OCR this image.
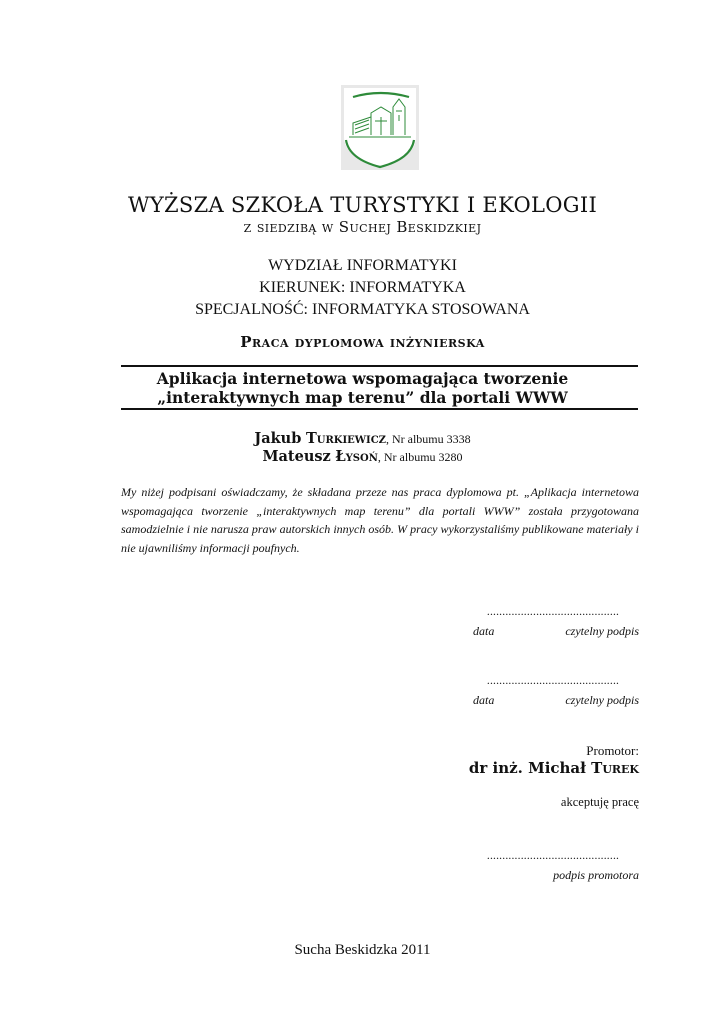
WYŻSZA SZKOŁA TURYSTYKI I EKOLOGII
z siedzibą w Suchej Beskidzkiej
WYDZIAŁ INFORMATYKI
KIERUNEK: INFORMATYKA
SPECJALNOŚĆ: INFORMATYKA STOSOWANA
Praca dyplomowa inżynierska
Aplikacja internetowa wspomagająca tworzenie
„interaktywnych map terenu” dla portali WWW
Jakub Turkiewicz, Nr albumu 3338
Mateusz Łysoń, Nr albumu 3280
My niżej podpisani oświadczamy, że składana przeze nas praca dyplomowa pt. „Aplikacja internetowa wspomagająca tworzenie „interaktywnych map terenu” dla portali WWW” została przygotowana samodzielnie i nie narusza praw autorskich innych osób. W pracy wykorzystaliśmy publikowane materiały i nie ujawniliśmy informacji poufnych.
...........................................
data	czytelny podpis
...........................................
data	czytelny podpis
Promotor:
dr inż. Michał Turek
akceptuję pracę
...........................................
podpis promotora
Sucha Beskidzka 2011
